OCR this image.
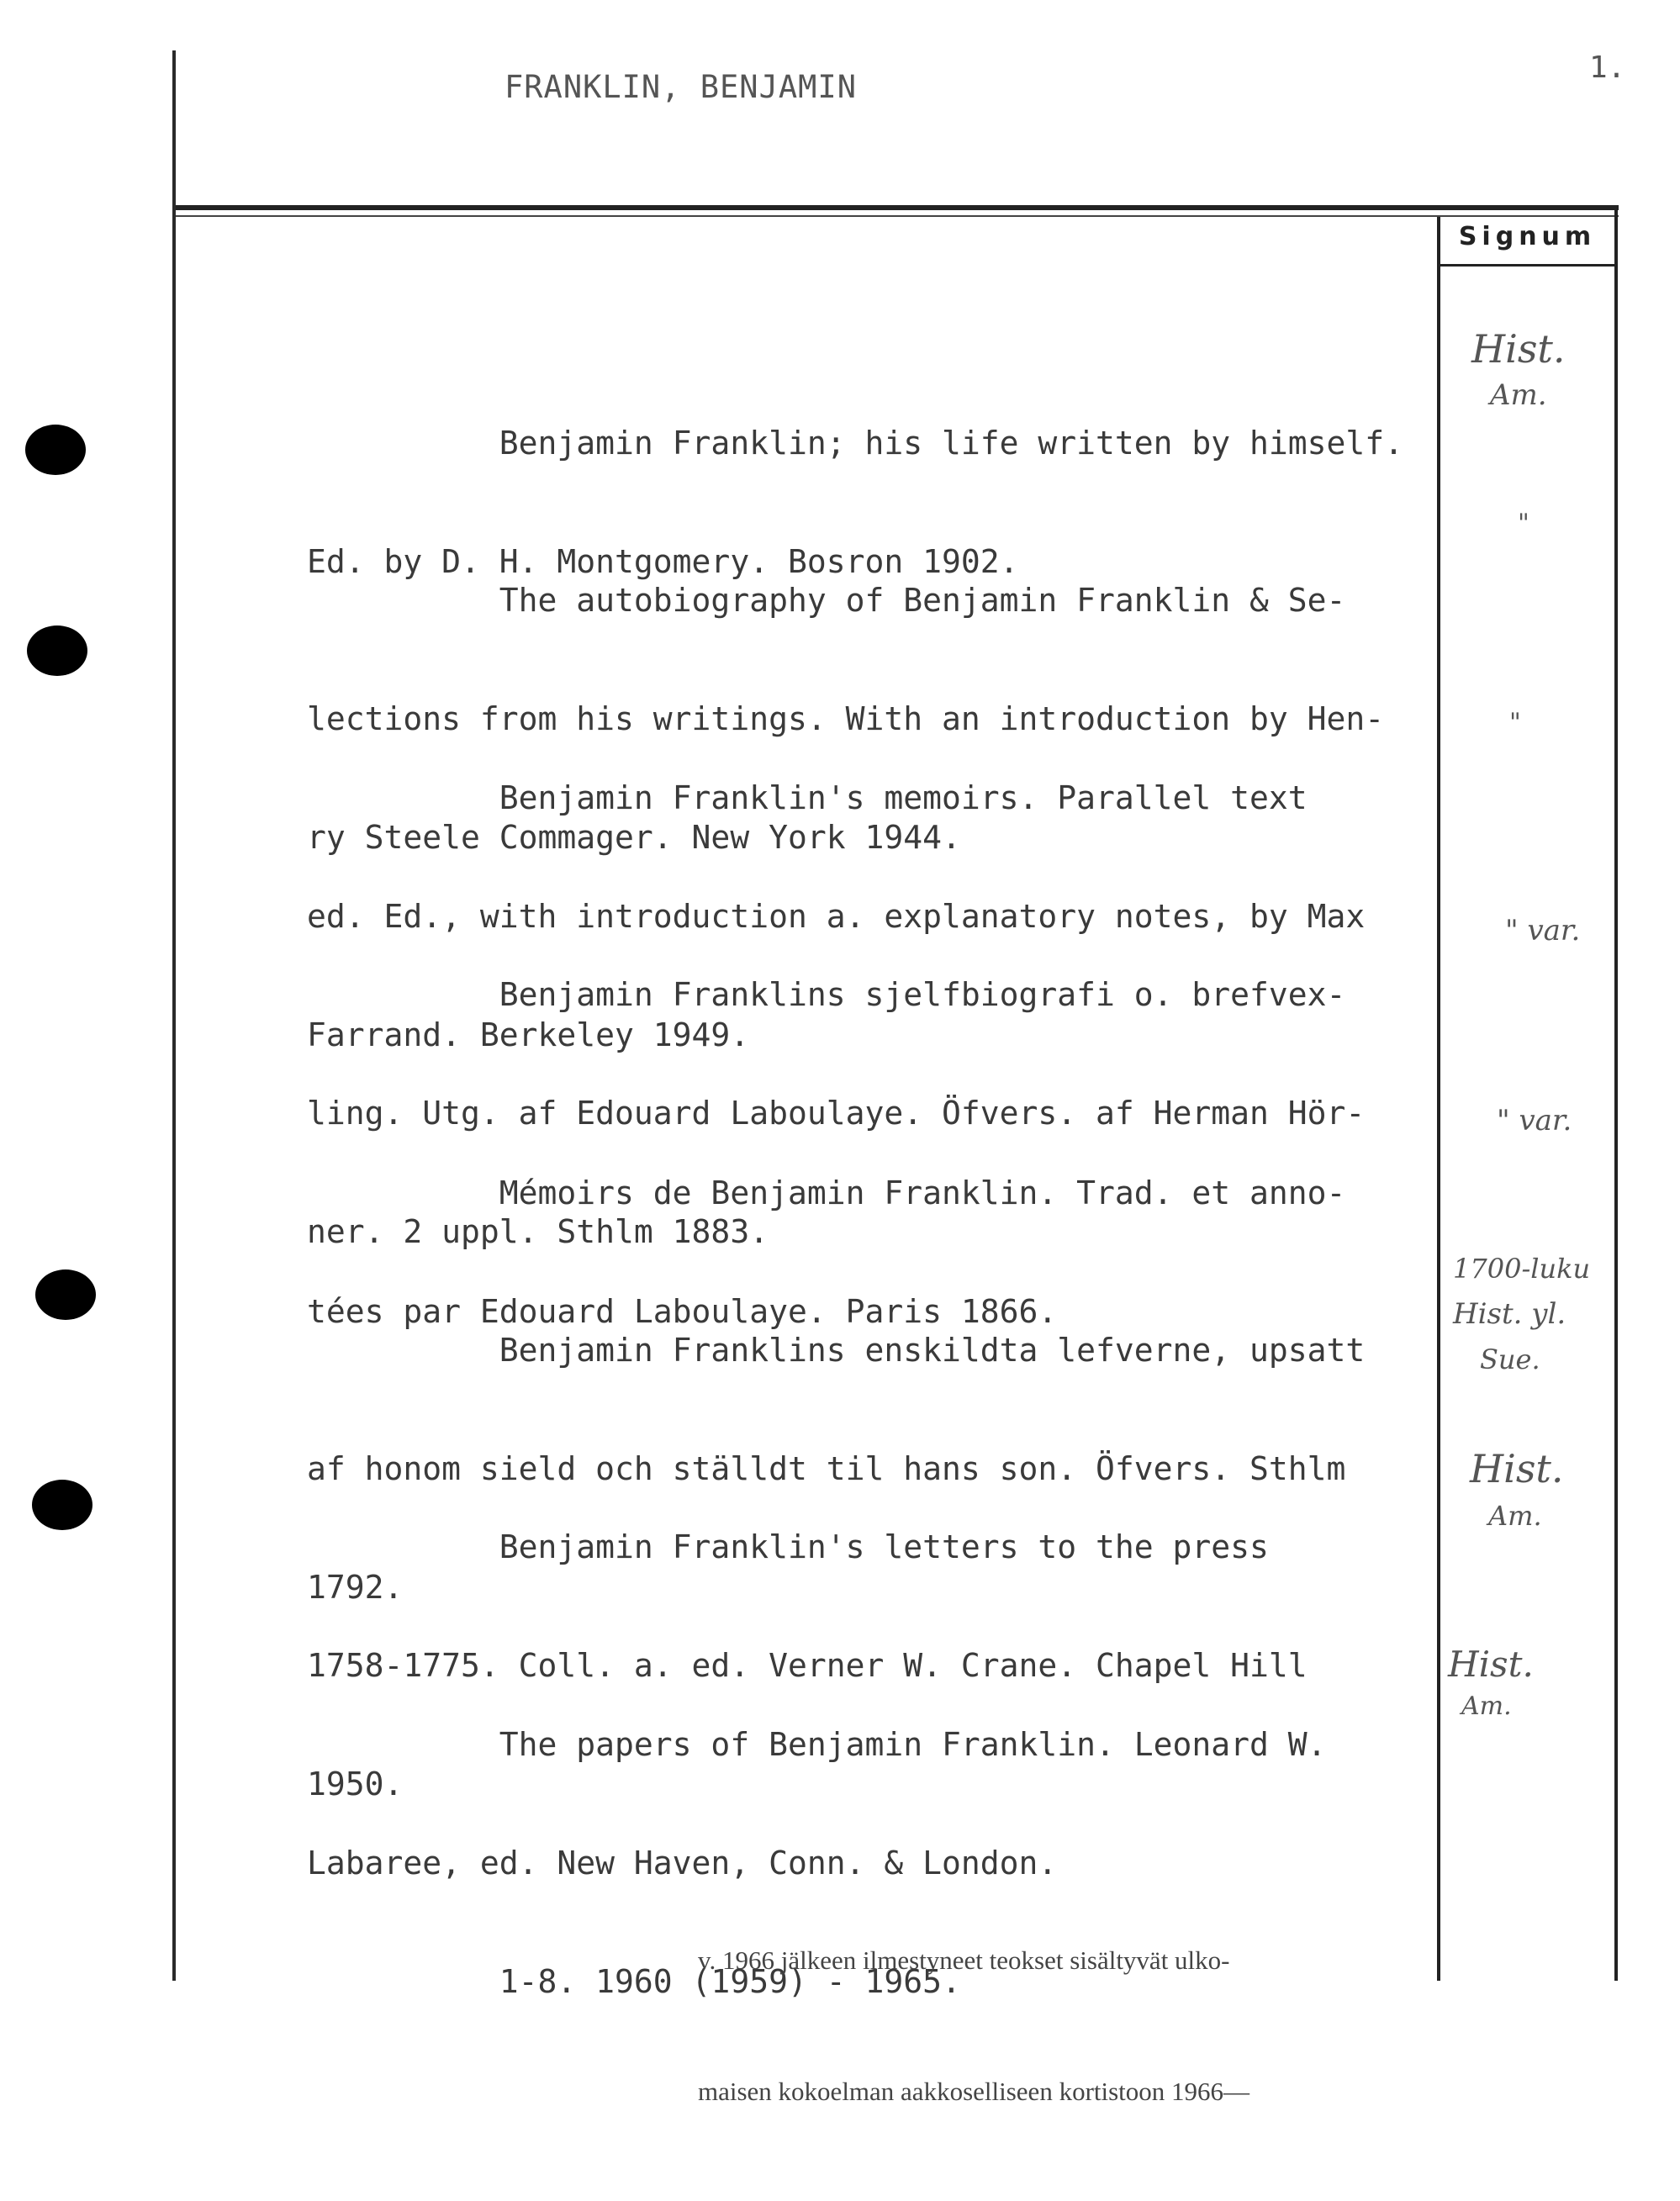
FRANKLIN, BENJAMIN
1.
Signum

Benjamin Franklin; his life written by himself.

Ed. by D. H. Montgomery. Bosron 1902.

Hist.
Am.

The autobiography of Benjamin Franklin & Se-

lections from his writings. With an introduction by Hen-

ry Steele Commager. New York 1944.

"

Benjamin Franklin's memoirs. Parallel text

ed. Ed., with introduction a. explanatory notes, by Max

Farrand. Berkeley 1949.

"

Benjamin Franklins sjelfbiografi o. brefvex-

ling. Utg. af Edouard Laboulaye. Öfvers. af Herman Hör-

ner. 2 uppl. Sthlm 1883.

" var.

Mémoirs de Benjamin Franklin. Trad. et anno-

tées par Edouard Laboulaye. Paris 1866.

" var.

Benjamin Franklins enskildta lefverne, upsatt

af honom sield och ställdt til hans son. Öfvers. Sthlm

1792.

1700-luku
Hist. yl.
Sue.

Benjamin Franklin's letters to the press

1758-1775. Coll. a. ed. Verner W. Crane. Chapel Hill

1950.

Hist.
Am.

The papers of Benjamin Franklin. Leonard W.

Labaree, ed. New Haven, Conn. & London.

1-8. 1960 (1959) - 1965.

Hist.
Am.

v. 1966 jälkeen ilmestyneet teokset sisältyvät ulko-

maisen kokoelman aakkoselliseen kortistoon 1966—
